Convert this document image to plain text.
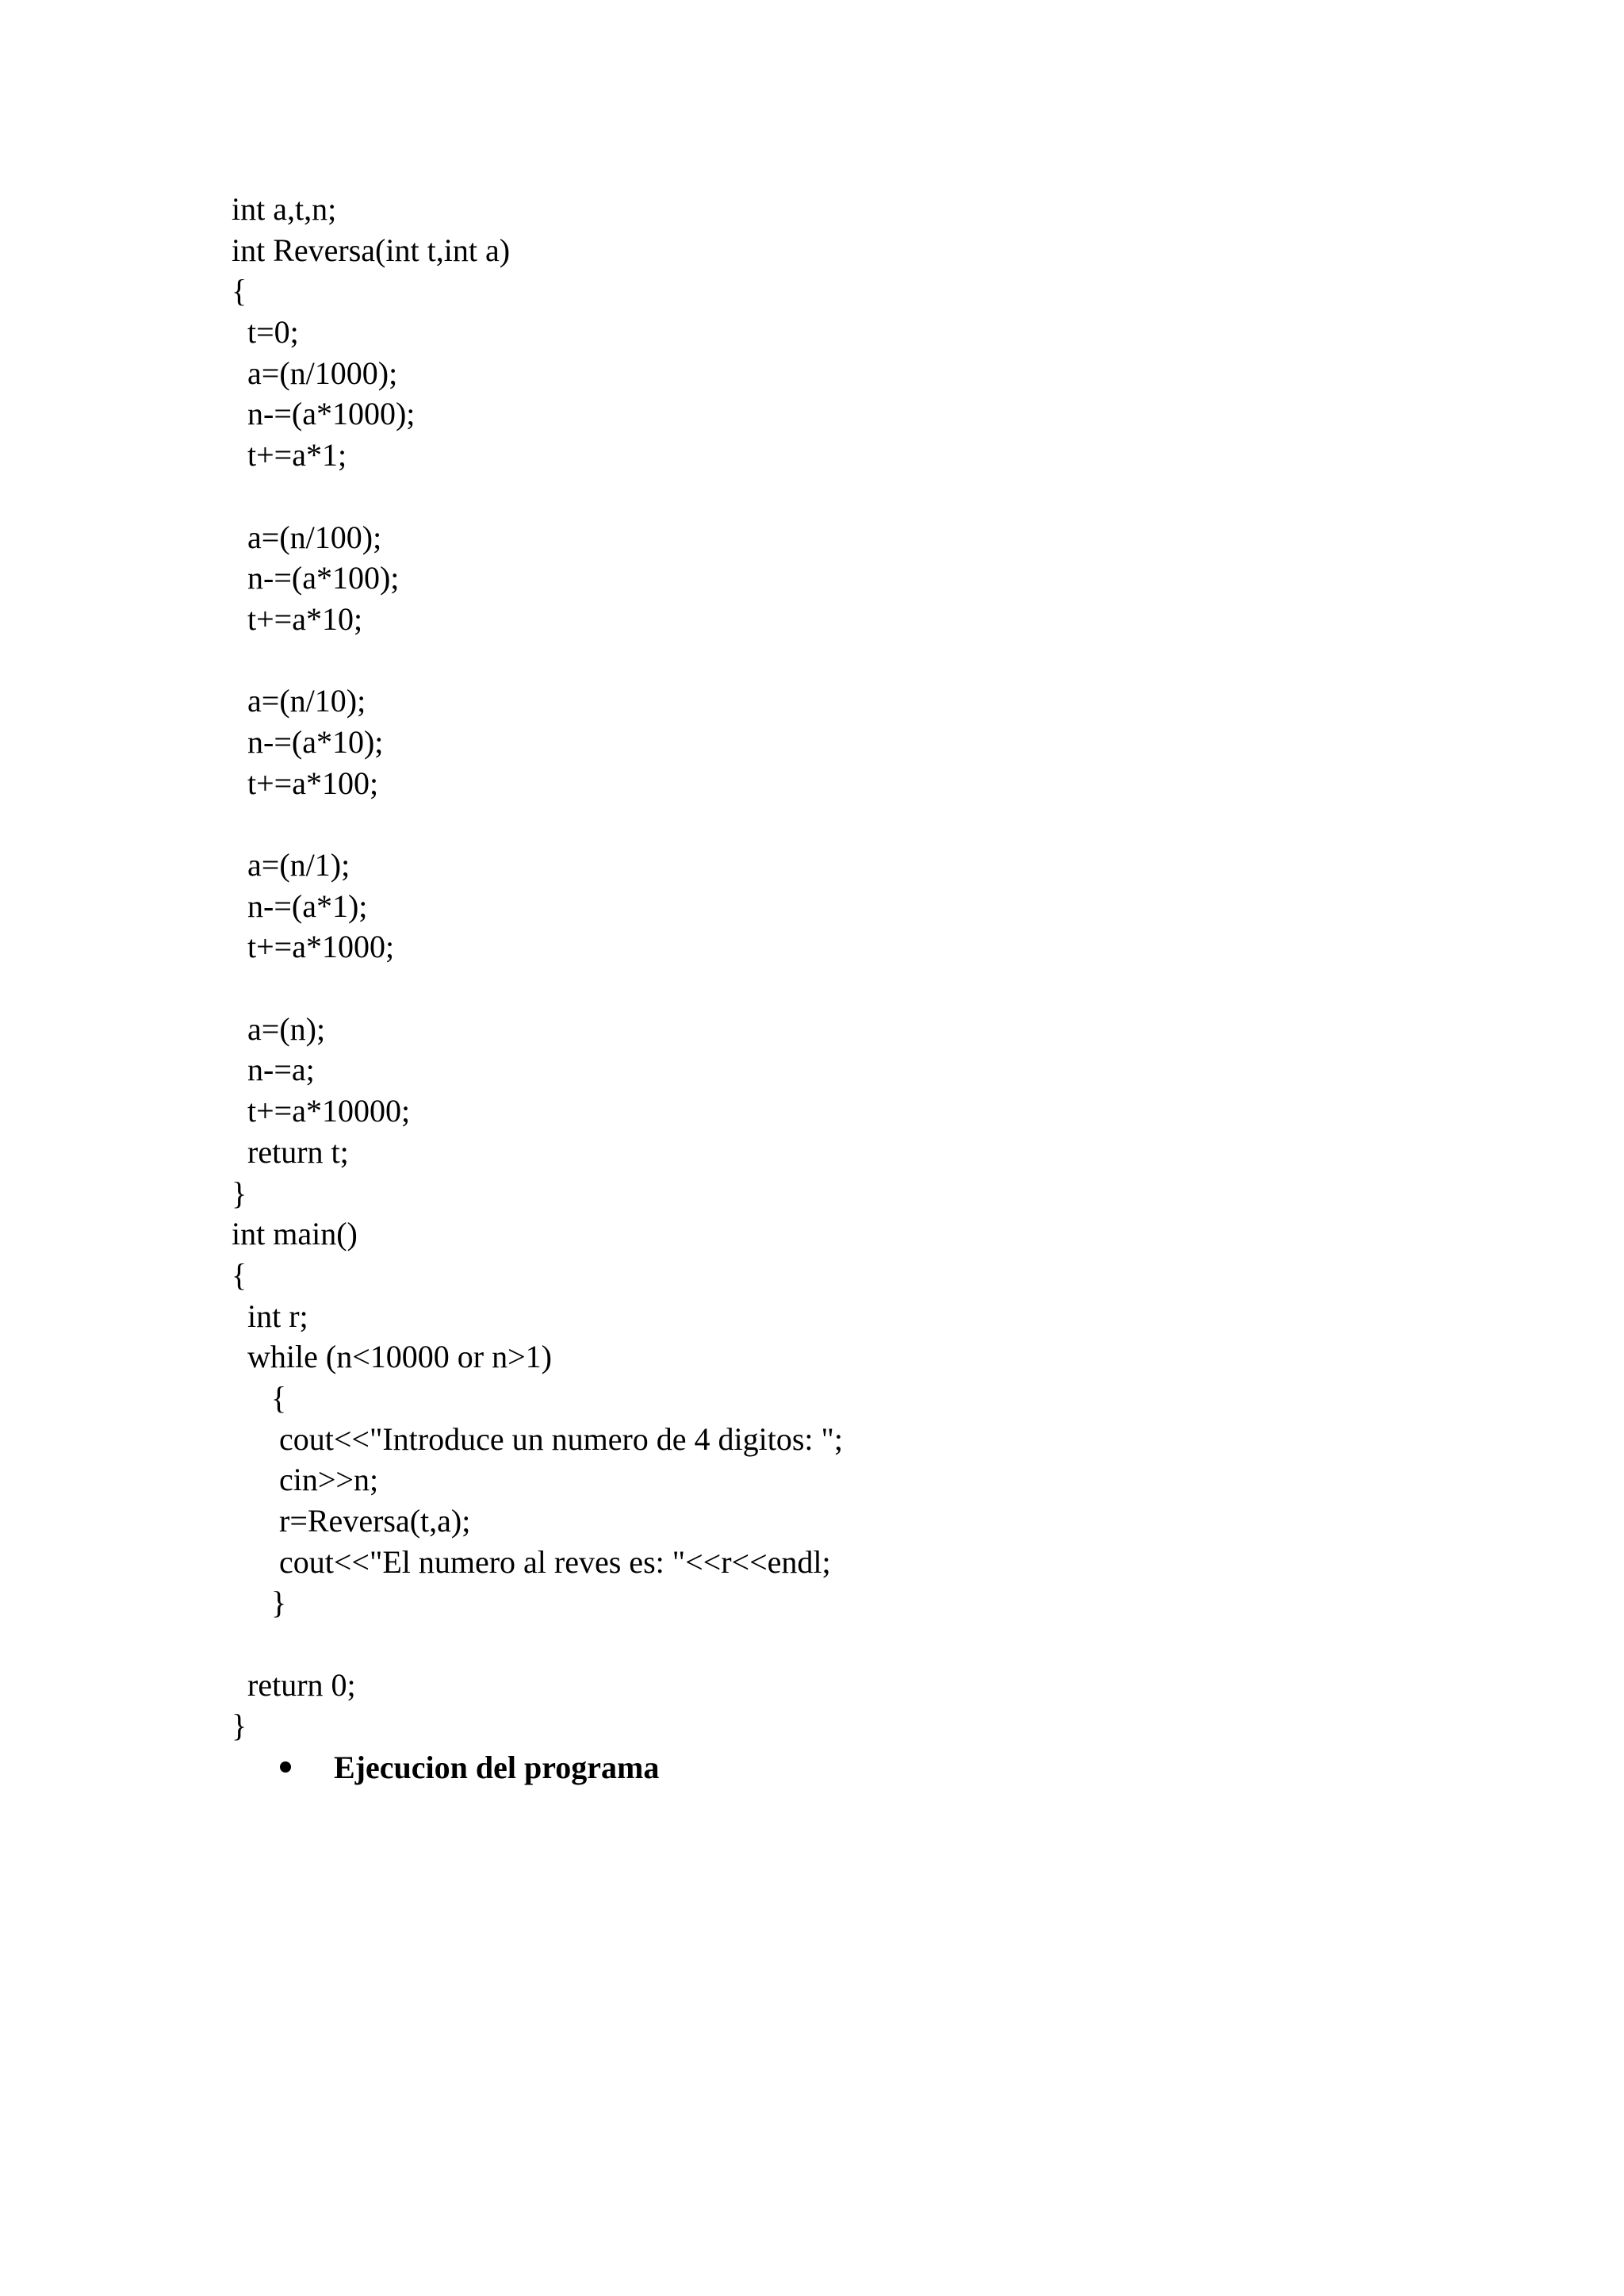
int a,t,n;
int Reversa(int t,int a)
{
t=0;
a=(n/1000);
n-=(a*1000);
t+=a*1;
a=(n/100);
n-=(a*100);
t+=a*10;
a=(n/10);
n-=(a*10);
t+=a*100;
a=(n/1);
n-=(a*1);
t+=a*1000;
a=(n);
n-=a;
t+=a*10000;
return t;
}
int main()
{
int r;
while (n<10000 or n>1)
{
cout<<"Introduce un numero de 4 digitos: ";
cin>>n;
r=Reversa(t,a);
cout<<"El numero al reves es: "<<r<<endl;
}
return 0;
}
Ejecucion del programa
